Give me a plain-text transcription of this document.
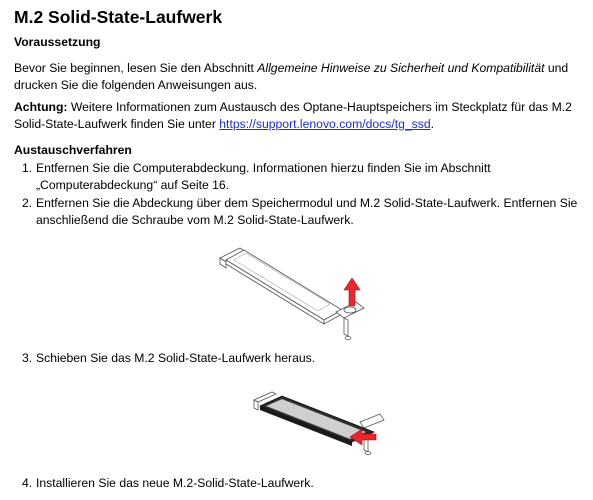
M.2 Solid-State-Laufwerk
Voraussetzung
Bevor Sie beginnen, lesen Sie den Abschnitt Allgemeine Hinweise zu Sicherheit und Kompatibilität und
drucken Sie die folgenden Anweisungen aus.
Achtung: Weitere Informationen zum Austausch des Optane-Hauptspeichers im Steckplatz für das M.2
Solid-State-Laufwerk finden Sie unter https://support.lenovo.com/docs/tg_ssd.
Austauschverfahren
1. Entfernen Sie die Computerabdeckung. Informationen hierzu finden Sie im Abschnitt
„Computerabdeckung“ auf Seite 16.
2. Entfernen Sie die Abdeckung über dem Speichermodul und M.2 Solid-State-Laufwerk. Entfernen Sie
anschließend die Schraube vom M.2 Solid-State-Laufwerk.
3. Schieben Sie das M.2 Solid-State-Laufwerk heraus.
4. Installieren Sie das neue M.2-Solid-State-Laufwerk.
